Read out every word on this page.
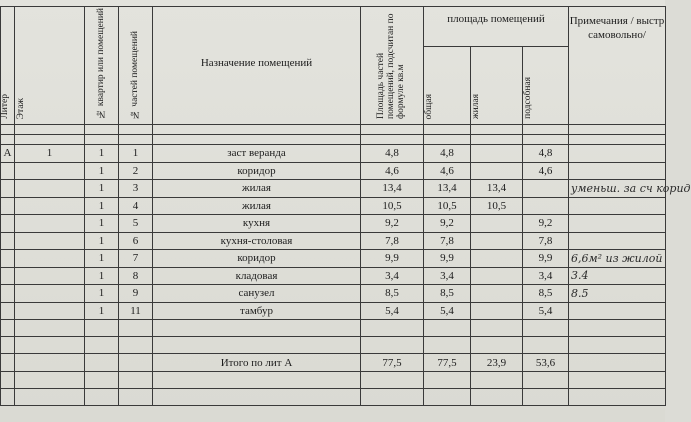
Литер	Этаж	№ квартир или помещений	№ частей помещений	Назначение помещений	Площадь частей помещений, подсчитан по формуле кв.м	площадь помещений			Примечания / выстр самовольно/
						общая	жилая	подсобная	

А	1	1	1	заст веранда	4,8	4,8		4,8	
		1	2	коридор	4,6	4,6		4,6	
		1	3	жилая	13,4	13,4	13,4		уменьш. за сч корид
		1	4	жилая	10,5	10,5	10,5		
		1	5	кухня	9,2	9,2		9,2	
		1	6	кухня-столовая	7,8	7,8		7,8	
		1	7	коридор	9,9	9,9		9,9	6,6м² из жилой
		1	8	кладовая	3,4	3,4		3,4	3.4
		1	9	санузел	8,5	8,5		8,5	8.5
		1	11	тамбур	5,4	5,4		5,4	

				Итого по лит А	77,5	77,5	23,9	53,6	
